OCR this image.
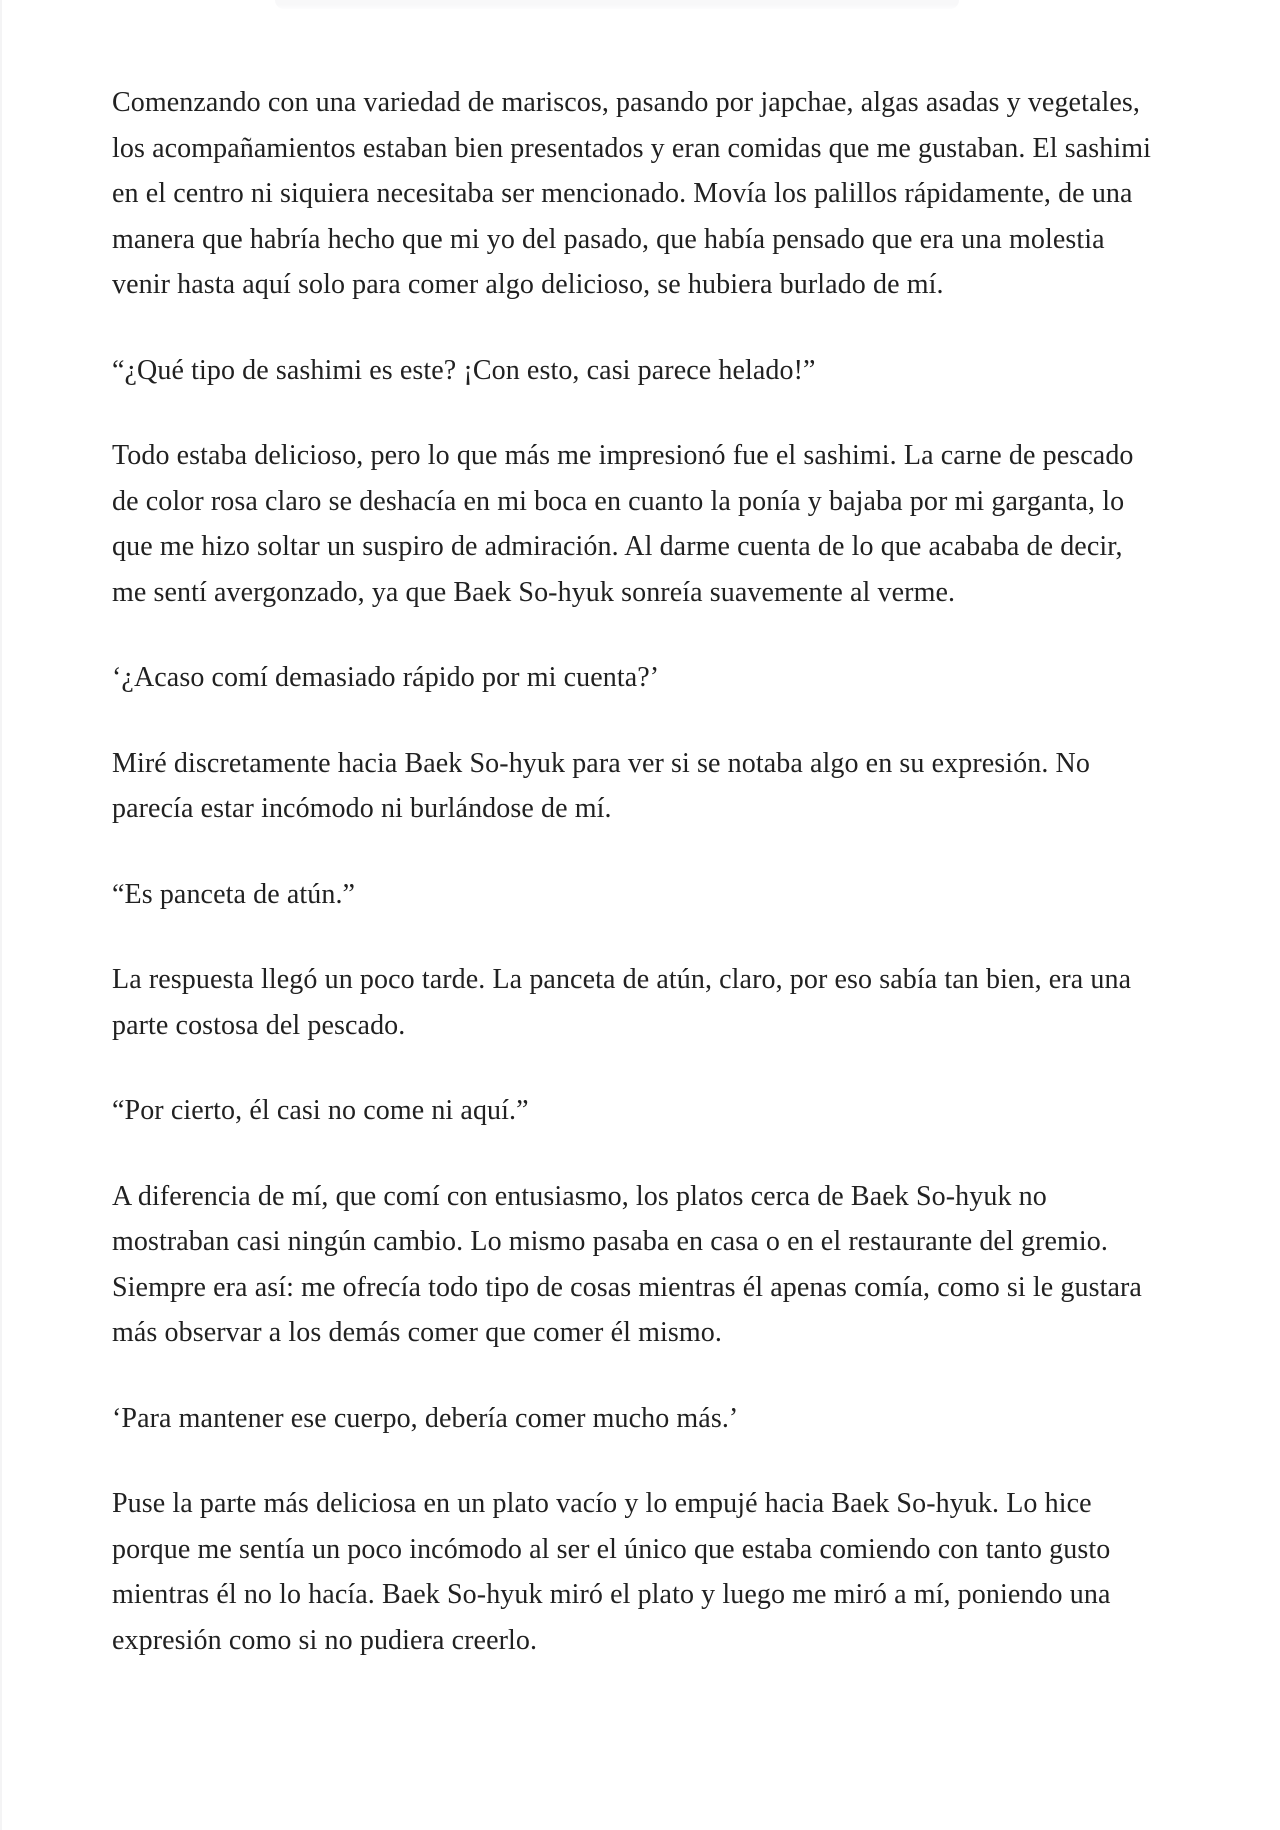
Comenzando con una variedad de mariscos, pasando por japchae, algas asadas y vegetales, los acompañamientos estaban bien presentados y eran comidas que me gustaban. El sashimi en el centro ni siquiera necesitaba ser mencionado. Movía los palillos rápidamente, de una manera que habría hecho que mi yo del pasado, que había pensado que era una molestia venir hasta aquí solo para comer algo delicioso, se hubiera burlado de mí.

“¿Qué tipo de sashimi es este? ¡Con esto, casi parece helado!”

Todo estaba delicioso, pero lo que más me impresionó fue el sashimi. La carne de pescado de color rosa claro se deshacía en mi boca en cuanto la ponía y bajaba por mi garganta, lo que me hizo soltar un suspiro de admiración. Al darme cuenta de lo que acababa de decir, me sentí avergonzado, ya que Baek So-hyuk sonreía suavemente al verme.

‘¿Acaso comí demasiado rápido por mi cuenta?’

Miré discretamente hacia Baek So-hyuk para ver si se notaba algo en su expresión. No parecía estar incómodo ni burlándose de mí.

“Es panceta de atún.”

La respuesta llegó un poco tarde. La panceta de atún, claro, por eso sabía tan bien, era una parte costosa del pescado.

“Por cierto, él casi no come ni aquí.”

A diferencia de mí, que comí con entusiasmo, los platos cerca de Baek So-hyuk no mostraban casi ningún cambio. Lo mismo pasaba en casa o en el restaurante del gremio. Siempre era así: me ofrecía todo tipo de cosas mientras él apenas comía, como si le gustara más observar a los demás comer que comer él mismo.

‘Para mantener ese cuerpo, debería comer mucho más.’

Puse la parte más deliciosa en un plato vacío y lo empujé hacia Baek So-hyuk. Lo hice porque me sentía un poco incómodo al ser el único que estaba comiendo con tanto gusto mientras él no lo hacía. Baek So-hyuk miró el plato y luego me miró a mí, poniendo una expresión como si no pudiera creerlo.
